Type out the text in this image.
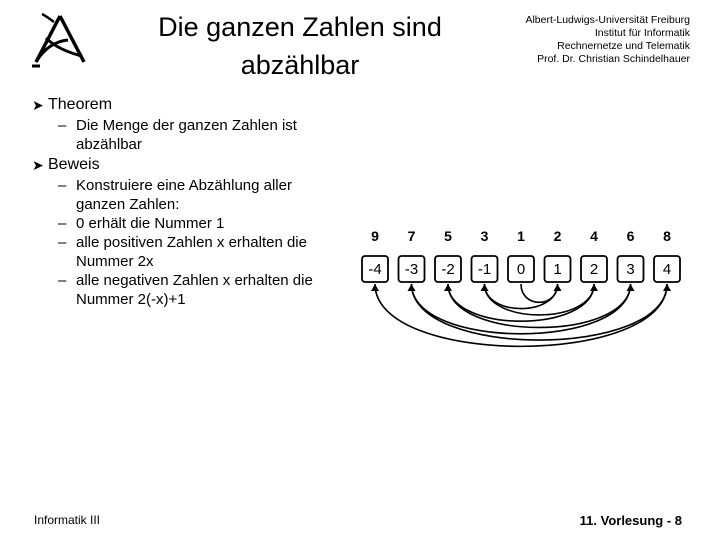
Die ganzen Zahlen sind
abzählbar
Albert-Ludwigs-Universität Freiburg
Institut für Informatik
Rechnernetze und Telematik
Prof. Dr. Christian Schindelhauer
➤ Theorem
– Die Menge der ganzen Zahlen ist
abzählbar
➤ Beweis
– Konstruiere eine Abzählung aller
ganzen Zahlen:
– 0 erhält die Nummer 1
– alle positiven Zahlen x erhalten die
Nummer 2x
– alle negativen Zahlen x erhalten die
Nummer 2(-x)+1
9 7 5 3 1 2 4 6 8
-4 -3 -2 -1 0 1 2 3 4
Informatik III	11. Vorlesung - 8
